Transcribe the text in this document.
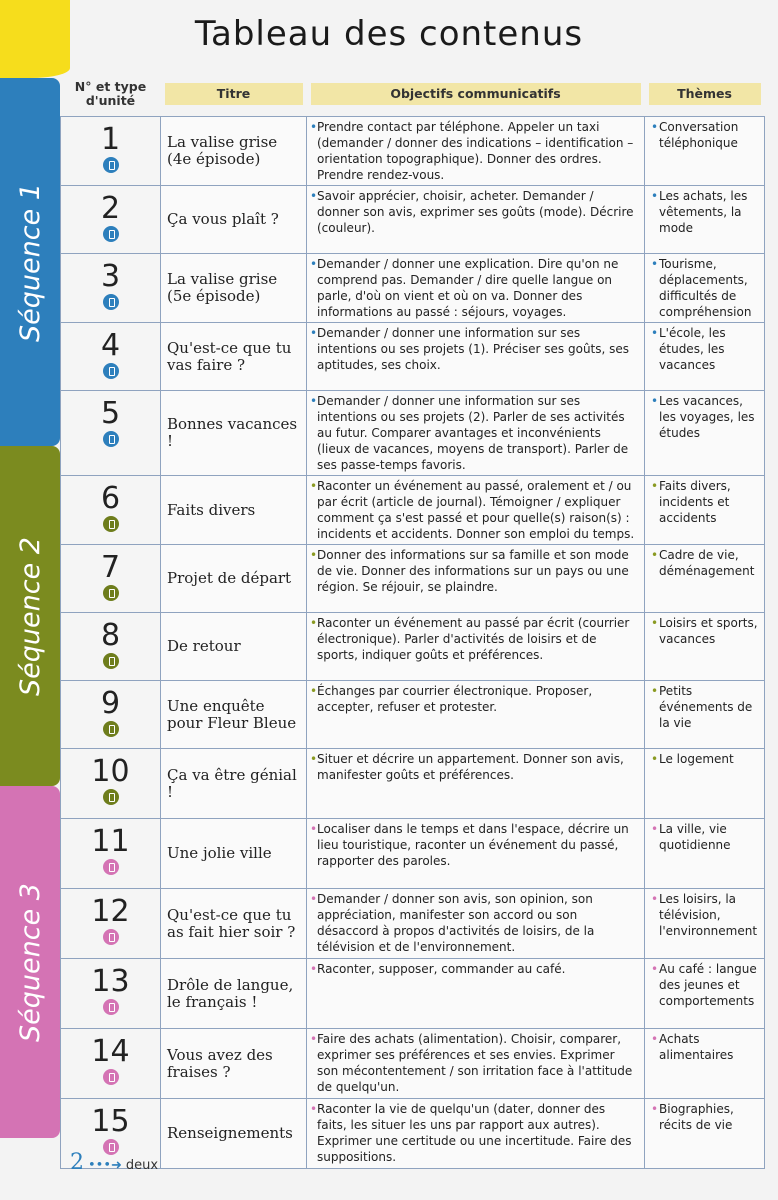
Tableau des contenus
Séquence 1
Séquence 2
Séquence 3
N° et type d'unité	Titre	Objectifs communicatifs	Thèmes

1	La valise grise (4e épisode)	• Prendre contact par téléphone. Appeler un taxi (demander / donner des indications – identification – orientation topographique). Donner des ordres. Prendre rendez-vous.	• Conversation téléphonique

2	Ça vous plaît ?	• Savoir apprécier, choisir, acheter. Demander / donner son avis, exprimer ses goûts (mode). Décrire (couleur).	• Les achats, les vêtements, la mode

3	La valise grise (5e épisode)	• Demander / donner une explication. Dire qu'on ne comprend pas. Demander / dire quelle langue on parle, d'où on vient et où on va. Donner des informations au passé : séjours, voyages.	• Tourisme, déplacements, difficultés de compréhension

4	Qu'est-ce que tu vas faire ?	• Demander / donner une information sur ses intentions ou ses projets (1). Préciser ses goûts, ses aptitudes, ses choix.	• L'école, les études, les vacances

5	Bonnes vacances !	• Demander / donner une information sur ses intentions ou ses projets (2). Parler de ses activités au futur. Comparer avantages et inconvénients (lieux de vacances, moyens de transport). Parler de ses passe-temps favoris.	• Les vacances, les voyages, les études

6	Faits divers	• Raconter un événement au passé, oralement et / ou par écrit (article de journal). Témoigner / expliquer comment ça s'est passé et pour quelle(s) raison(s) : incidents et accidents. Donner son emploi du temps.	• Faits divers, incidents et accidents

7	Projet de départ	• Donner des informations sur sa famille et son mode de vie. Donner des informations sur un pays ou une région. Se réjouir, se plaindre.	• Cadre de vie, déménagement

8	De retour	• Raconter un événement au passé par écrit (courrier électronique). Parler d'activités de loisirs et de sports, indiquer goûts et préférences.	• Loisirs et sports, vacances

9	Une enquête pour Fleur Bleue	• Échanges par courrier électronique. Proposer, accepter, refuser et protester.	• Petits événements de la vie

10	Ça va être génial !	• Situer et décrire un appartement. Donner son avis, manifester goûts et préférences.	• Le logement

11	Une jolie ville	• Localiser dans le temps et dans l'espace, décrire un lieu touristique, raconter un événement du passé, rapporter des paroles.	• La ville, vie quotidienne

12	Qu'est-ce que tu as fait hier soir ?	• Demander / donner son avis, son opinion, son appréciation, manifester son accord ou son désaccord à propos d'activités de loisirs, de la télévision et de l'environnement.	• Les loisirs, la télévision, l'environnement

13	Drôle de langue, le français !	• Raconter, supposer, commander au café.	• Au café : langue des jeunes et comportements

14	Vous avez des fraises ?	• Faire des achats (alimentation). Choisir, comparer, exprimer ses préférences et ses envies. Exprimer son mécontentement / son irritation face à l'attitude de quelqu'un.	• Achats alimentaires

15	Renseignements	• Raconter la vie de quelqu'un (dater, donner des faits, les situer les uns par rapport aux autres). Exprimer une certitude ou une incertitude. Faire des suppositions.	• Biographies, récits de vie
2 •••➜ deux
